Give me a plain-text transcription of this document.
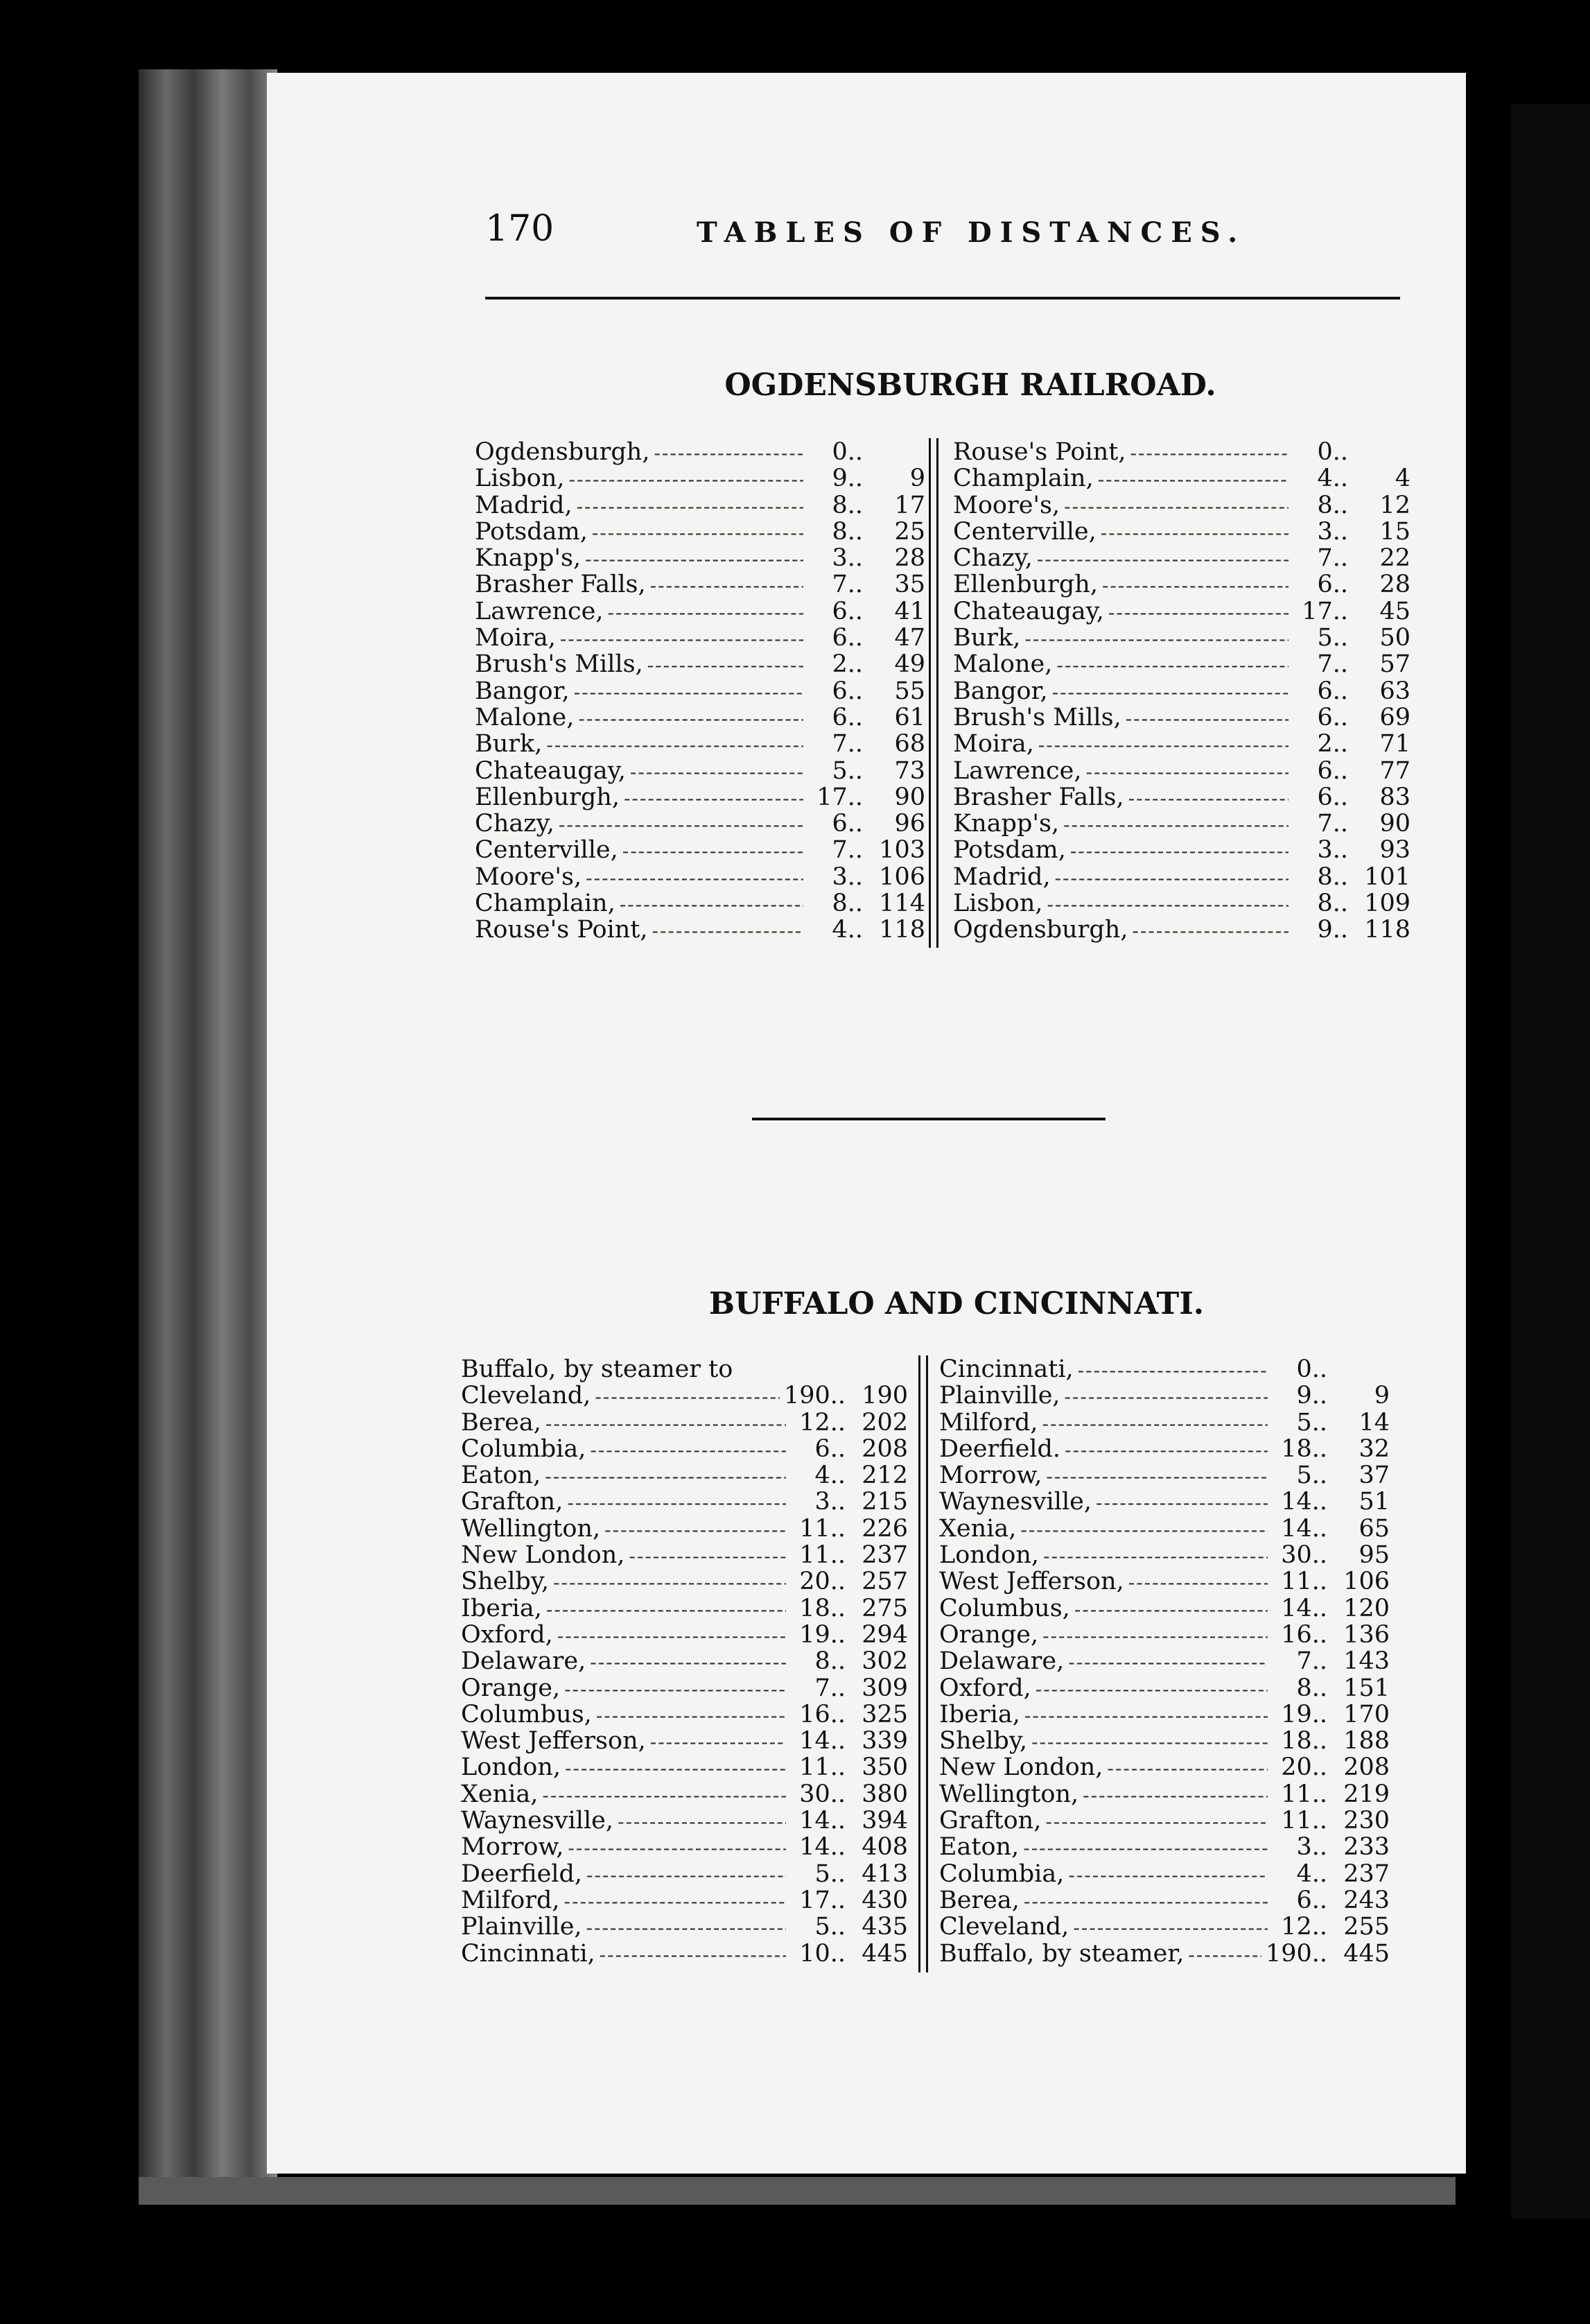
170	TABLES OF DISTANCES.
OGDENSBURGH RAILROAD.
Ogdensburgh, -----	0..
Lisbon, -----	9..	9
Madrid, -----	8..	17
Potsdam, -----	8..	25
Knapp's, -----	3..	28
Brasher Falls, -----	7..	35
Lawrence, -----	6..	41
Moira, -----	6..	47
Brush's Mills, -----	2..	49
Bangor, -----	6..	55
Malone, -----	6..	61
Burk, -----	7..	68
Chateaugay, -----	5..	73
Ellenburgh, -----	17..	90
Chazy, -----	6..	96
Centerville, -----	7.. 103
Moore's, -----	3.. 106
Champlain, -----	8.. 114
Rouse's Point, -----	4.. 118
Rouse's Point, -----	0..
Champlain, -----	4..	4
Moore's, -----	8..	12
Centerville, -----	3..	15
Chazy, -----	7..	22
Ellenburgh, -----	6..	28
Chateaugay, -----	17..	45
Burk, -----	5..	50
Malone, -----	7..	57
Bangor, -----	6..	63
Brush's Mills, -----	6..	69
Moira, -----	2..	71
Lawrence, -----	6..	77
Brasher Falls, -----	6..	83
Knapp's, -----	7..	90
Potsdam, -----	3..	93
Madrid, -----	8.. 101
Lisbon, -----	8.. 109
Ogdensburgh, -----	9.. 118
BUFFALO AND CINCINNATI.
Buffalo, by steamer to
Cleveland, -----	190.. 190
Berea, -----	12.. 202
Columbia, -----	6.. 208
Eaton, -----	4.. 212
Grafton, -----	3.. 215
Wellington, -----	11.. 226
New London, -----	11.. 237
Shelby, -----	20.. 257
Iberia, -----	18.. 275
Oxford, -----	19.. 294
Delaware, -----	8.. 302
Orange, -----	7.. 309
Columbus, -----	16.. 325
West Jefferson, -----	14.. 339
London, -----	11.. 350
Xenia, -----	30.. 380
Waynesville, -----	14.. 394
Morrow, -----	14.. 408
Deerfield, -----	5.. 413
Milford, -----	17.. 430
Plainville, -----	5.. 435
Cincinnati, -----	10.. 445
Cincinnati, -----	0..
Plainville, -----	9..	9
Milford, -----	5..	14
Deerfield. -----	18..	32
Morrow, -----	5..	37
Waynesville, -----	14..	51
Xenia, -----	14..	65
London, -----	30..	95
West Jefferson, -----	11.. 106
Columbus, -----	14.. 120
Orange, -----	16.. 136
Delaware, -----	7.. 143
Oxford, -----	8.. 151
Iberia, -----	19.. 170
Shelby, -----	18.. 188
New London, -----	20.. 208
Wellington, -----	11.. 219
Grafton, -----	11.. 230
Eaton, -----	3.. 233
Columbia, -----	4.. 237
Berea, -----	6.. 243
Cleveland, -----	12.. 255
Buffalo, by steamer, -----	190.. 445
